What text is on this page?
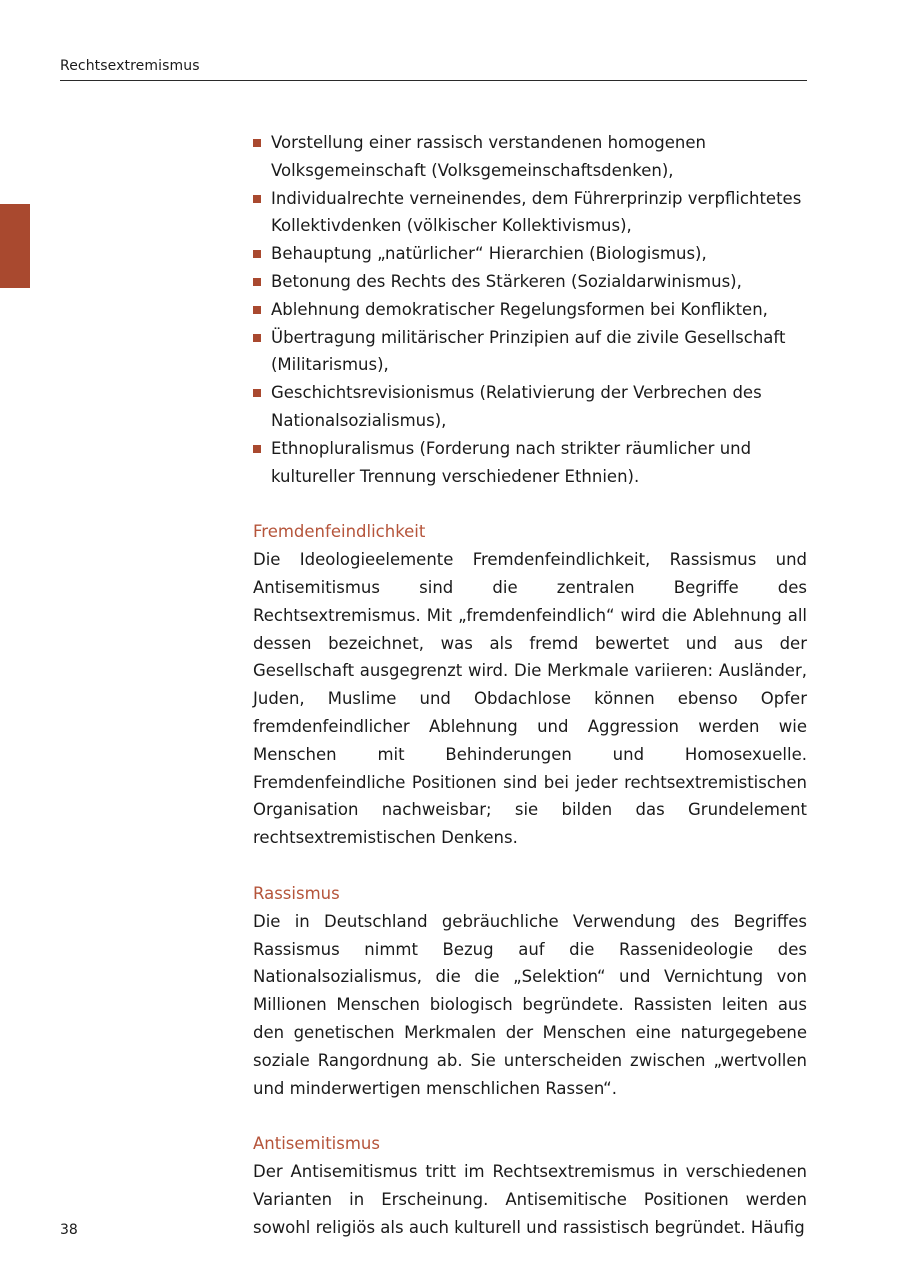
Rechtsextremismus
Vorstellung einer rassisch verstandenen homogenen Volksgemeinschaft (Volksgemeinschaftsdenken),
Individualrechte verneinendes, dem Führerprinzip verpflichtetes Kollektivdenken (völkischer Kollektivismus),
Behauptung „natürlicher“ Hierarchien (Biologismus),
Betonung des Rechts des Stärkeren (Sozialdarwinismus),
Ablehnung demokratischer Regelungsformen bei Konflikten,
Übertragung militärischer Prinzipien auf die zivile Gesellschaft (Militarismus),
Geschichtsrevisionismus (Relativierung der Verbrechen des Nationalsozialismus),
Ethnopluralismus (Forderung nach strikter räumlicher und kultureller Trennung verschiedener Ethnien).
Fremdenfeindlichkeit

Die Ideologieelemente Fremdenfeindlichkeit, Rassismus und Antisemitismus sind die zentralen Begriffe des Rechtsextremismus. Mit „fremdenfeindlich“ wird die Ablehnung all dessen bezeichnet, was als fremd bewertet und aus der Gesellschaft ausgegrenzt wird. Die Merkmale variieren: Ausländer, Juden, Muslime und Obdachlose können ebenso Opfer fremdenfeindlicher Ablehnung und Aggression werden wie Menschen mit Behinderungen und Homosexuelle. Fremdenfeindliche Positionen sind bei jeder rechtsextremistischen Organisation nachweisbar; sie bilden das Grundelement rechtsextremistischen Denkens.

Rassismus

Die in Deutschland gebräuchliche Verwendung des Begriffes Rassismus nimmt Bezug auf die Rassenideologie des Nationalsozialismus, die die „Selektion“ und Vernichtung von Millionen Menschen biologisch begründete. Rassisten leiten aus den genetischen Merkmalen der Menschen eine naturgegebene soziale Rangordnung ab. Sie unterscheiden zwischen „wertvollen und minderwertigen menschlichen Rassen“.

Antisemitismus

Der Antisemitismus tritt im Rechtsextremismus in verschiedenen Varianten in Erscheinung. Antisemitische Positionen werden sowohl religiös als auch kulturell und rassistisch begründet. Häufig

38
